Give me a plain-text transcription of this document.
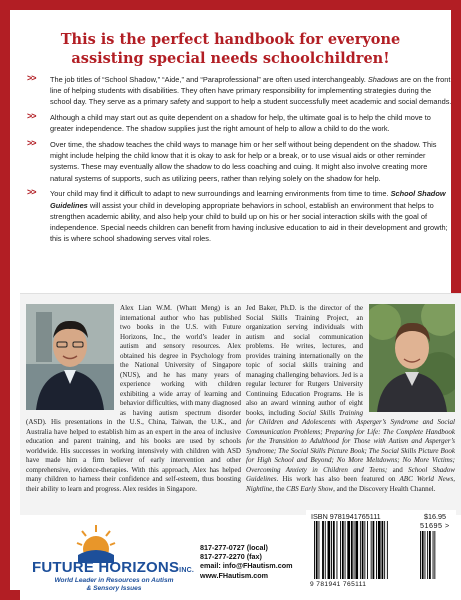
This is the perfect handbook for everyone
assisting special needs schoolchildren!
>> The job titles of “School Shadow,” “Aide,” and “Paraprofessional” are often used interchangeably. Shadows are on the front line of helping students with disabilities. They often have primary responsibility for implementing strategies during the school day. They serve as a primary safety and support to help a student successfully meet academic and social demands.
>> Although a child may start out as quite dependent on a shadow for help, the ultimate goal is to help the child move to greater independence. The shadow supplies just the right amount of help to allow a child to do the work.
>> Over time, the shadow teaches the child ways to manage him or her self without being dependent on the shadow. This might include helping the child know that it is okay to ask for help or a break, or to use visual aids or other reminder systems. These may eventually allow the shadow to do less coaching and cuing. It might also involve creating more natural systems of supports, such as utilizing peers, rather than relying solely on the shadow for help.
>> Your child may find it difficult to adapt to new surroundings and learning environments from time to time. School Shadow Guidelines will assist your child in developing appropriate behaviors in school, establish an environment that helps to strengthen academic ability, and also help your child to build up on his or her social interaction skills with the goal of independence. Special needs children can benefit from having inclusive education to aid in their development and growth; this is where school shadowing serves vital roles.
Alex Lian W.M. (Whatt Meng) is an international author who has published two books in the U.S. with Future Horizons, Inc., the world’s leader in autism and sensory resources. Alex obtained his degree in Psychology from the National University of Singapore (NUS), and he has many years of experience working with children exhibiting a wide array of learning and behavior difficulties, with many diagnosed as having autism spectrum disorder (ASD). His presentations in the U.S., China, Taiwan, the U.K., and Australia have helped to establish him as an expert in the area of inclusive education and parent training, and his books are used by schools worldwide. His successes in working intensively with children with ASD have made him a firm believer of early intervention and other comprehensive, evidence-therapies. With this approach, Alex has helped many children to harness their confidence and self-esteem, thus boosting their ability to learn and progress. Alex resides in Singapore.
Jed Baker, Ph.D. is the director of the Social Skills Training Project, an organization serving individuals with autism and social communication problems. He writes, lectures, and provides training internationally on the topic of social skills training and managing challenging behaviors. Jed is a regular lecturer for Rutgers University Continuing Education Programs. He is also an award winning author of eight books, including Social Skills Training for Children and Adolescents with Asperger’s Syndrome and Social Communication Problems; Preparing for Life: The Complete Handbook for the Transition to Adulthood for Those with Autism and Asperger’s Syndrome; The Social Skills Picture Book; The Social Skills Picture Book for High School and Beyond; No More Meltdowns; No More Victims; Overcoming Anxiety in Children and Teens; and School Shadow Guidelines. His work has also been featured on ABC World News, Nightline, the CBS Early Show, and the Discovery Health Channel.
FUTURE HORIZONSINC.
World Leader in Resources on Autism
& Sensory Issues
817-277-0727 (local)
817-277-2270 (fax)
email: info@FHautism.com
www.FHautism.com
ISBN 9781941765111	$16.95
51695 >
9 781941 765111
